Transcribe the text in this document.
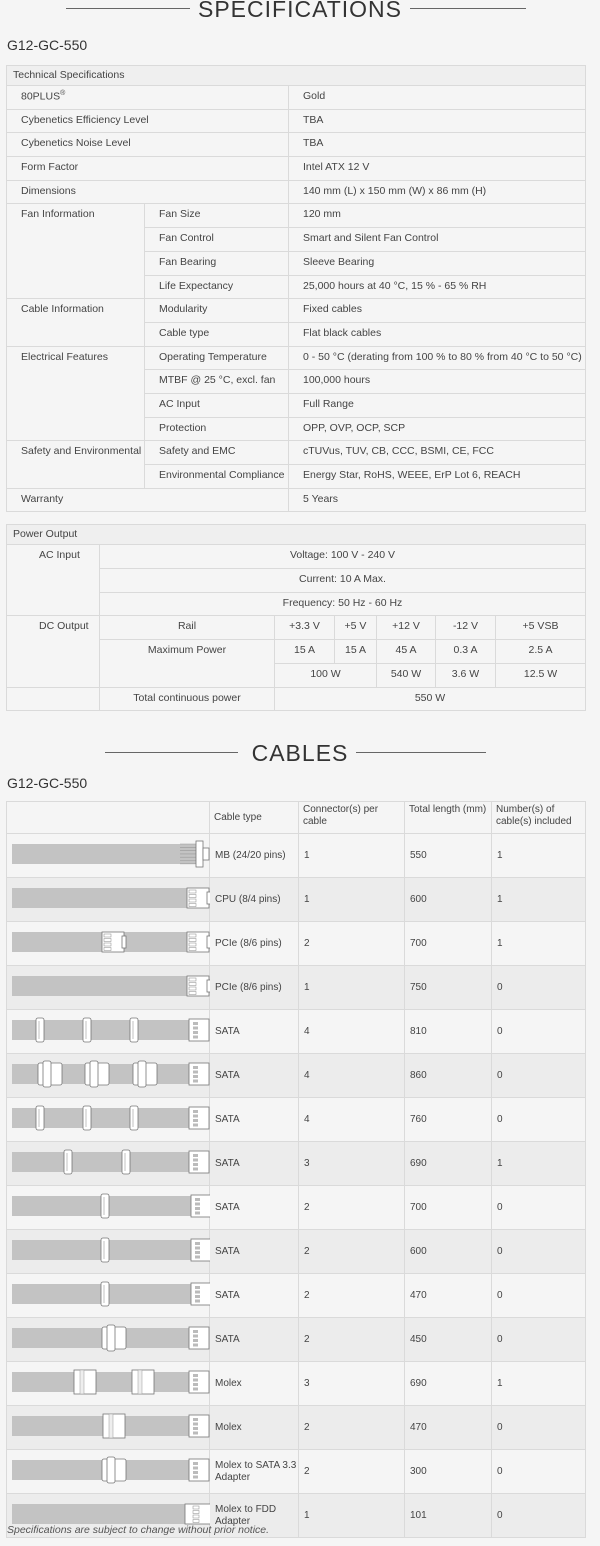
SPECIFICATIONS
G12-GC-550
Technical Specifications		
80PLUS®		Gold
Cybenetics Efficiency Level		TBA
Cybenetics Noise Level		TBA
Form Factor		Intel ATX 12 V
Dimensions		140 mm (L) x 150 mm (W) x 86 mm (H)
Fan Information	Fan Size	120 mm
	Fan Control	Smart and Silent Fan Control
	Fan Bearing	Sleeve Bearing
	Life Expectancy	25,000 hours at 40 °C, 15 % - 65 % RH
Cable Information	Modularity	Fixed cables
	Cable type	Flat black cables
Electrical Features	Operating Temperature	0 - 50 °C (derating from 100 % to 80 % from 40 °C to 50 °C)
	MTBF @ 25 °C, excl. fan	100,000 hours
	AC Input	Full Range
	Protection	OPP, OVP, OCP, SCP
Safety and Environmental	Safety and EMC	cTUVus, TUV, CB, CCC, BSMI, CE, FCC
	Environmental Compliance	Energy Star, RoHS, WEEE, ErP Lot 6, REACH
Warranty		5 Years
Power Output						
AC Input	Voltage: 100 V - 240 V					
	Current: 10 A Max.					
	Frequency: 50 Hz - 60 Hz					
DC Output	Rail	+3.3 V	+5 V	+12 V	-12 V	+5 VSB
	Maximum Power	15 A	15 A	45 A	0.3 A	2.5 A
		100 W		540 W	3.6 W	12.5 W
	Total continuous power	550 W				
CABLES
G12-GC-550
	Cable type	Connector(s) per cable	Total length (mm)	Number(s) of cable(s) included
	MB (24/20 pins)	1	550	1
	CPU (8/4 pins)	1	600	1
	PCIe (8/6 pins)	2	700	1
	PCIe (8/6 pins)	1	750	0
	SATA	4	810	0
	SATA	4	860	0
	SATA	4	760	0
	SATA	3	690	1
	SATA	2	700	0
	SATA	2	600	0
	SATA	2	470	0
	SATA	2	450	0
	Molex	3	690	1
	Molex	2	470	0
	Molex to SATA 3.3 Adapter	2	300	0
	Molex to FDD Adapter	1	101	0
Specifications are subject to change without prior notice.
